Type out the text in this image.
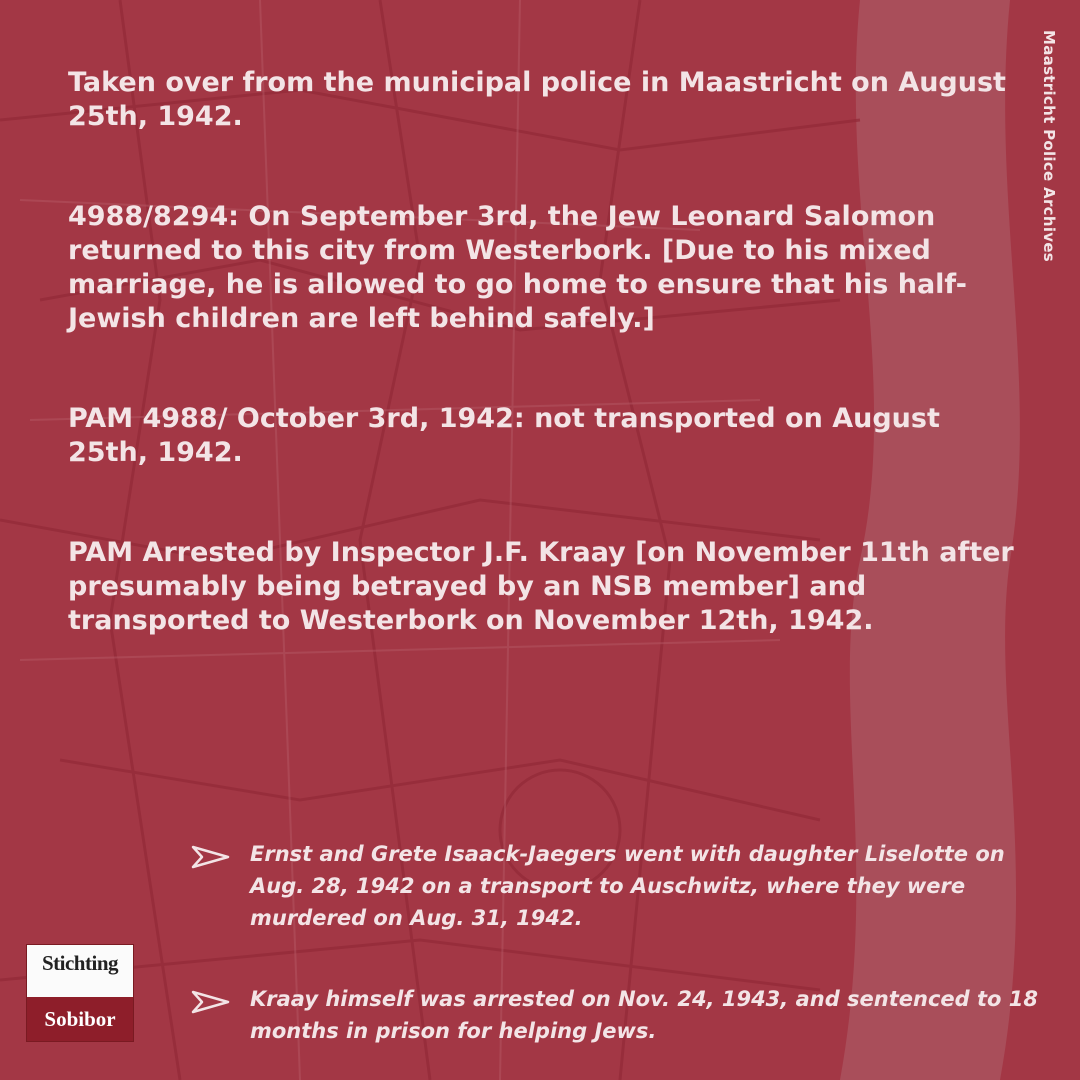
Maastricht Police Archives

Taken over from the municipal police in Maastricht on August 25th, 1942.

4988/8294: On September 3rd, the Jew Leonard Salomon returned to this city from Westerbork. [Due to his mixed marriage, he is allowed to go home to ensure that his half-Jewish children are left behind safely.]

PAM 4988/ October 3rd, 1942: not transported on August 25th, 1942.

PAM Arrested by Inspector J.F. Kraay [on November 11th after presumably being betrayed by an NSB member] and transported to Westerbork on November 12th, 1942.

Ernst and Grete Isaack-Jaegers went with daughter Liselotte on Aug. 28, 1942 on a transport to Auschwitz, where they were murdered on Aug. 31, 1942.
Kraay himself was arrested on Nov. 24, 1943, and sentenced to 18 months in prison for helping Jews.
Stichting
Sobibor
